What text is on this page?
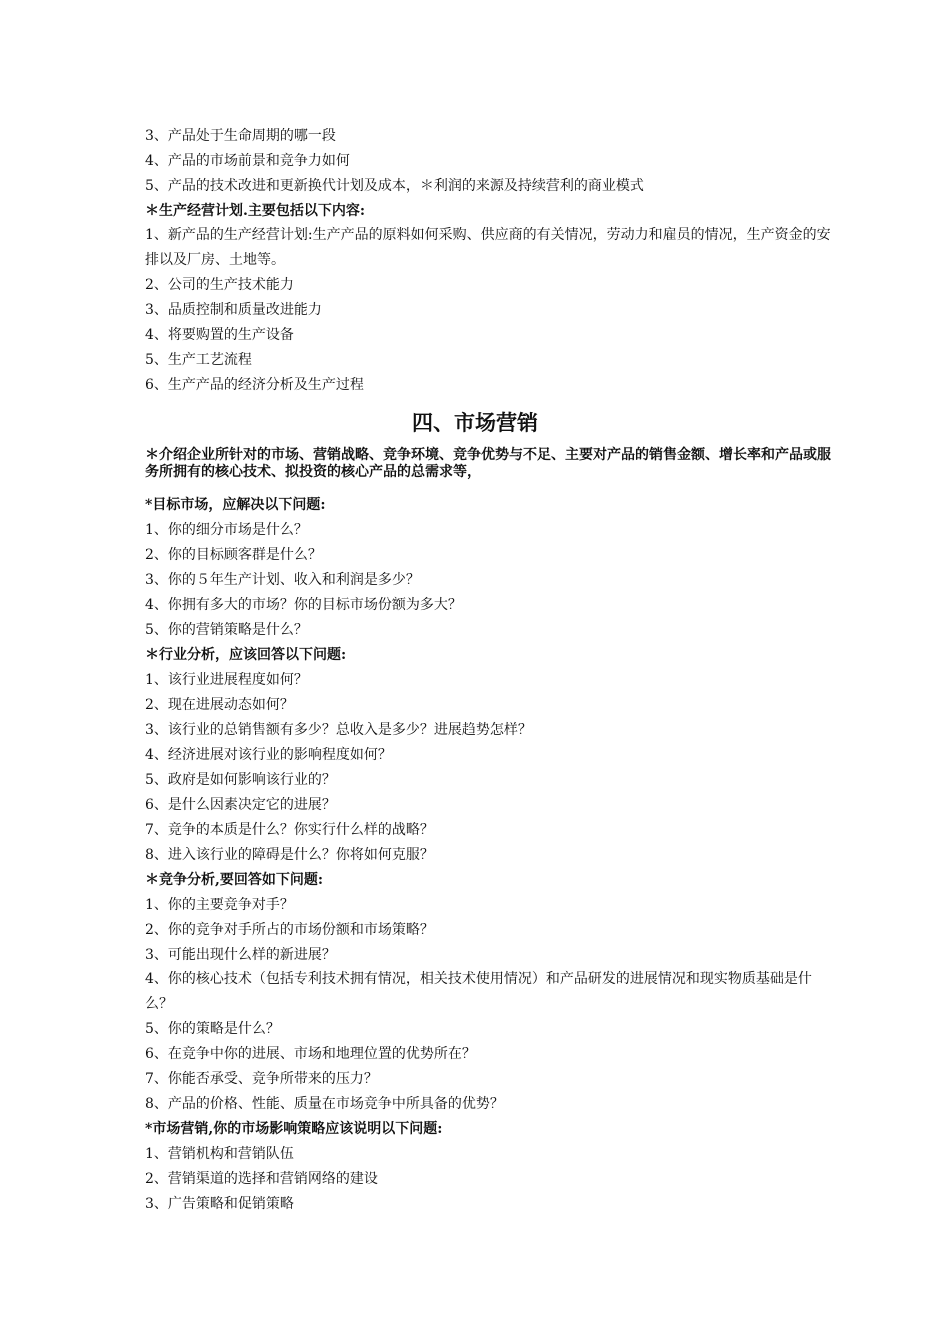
3、产品处于生命周期的哪一段
4、产品的市场前景和竞争力如何
5、产品的技术改进和更新换代计划及成本，＊利润的来源及持续营利的商业模式
＊生产经营计划.主要包括以下内容:
1、新产品的生产经营计划:生产产品的原料如何采购、供应商的有关情况，劳动力和雇员的情况，生产资金的安排以及厂房、土地等。
2、公司的生产技术能力
3、品质控制和质量改进能力
4、将要购置的生产设备
5、生产工艺流程
6、生产产品的经济分析及生产过程
四、市场营销
＊介绍企业所针对的市场、营销战略、竞争环境、竞争优势与不足、主要对产品的销售金额、增长率和产品或服务所拥有的核心技术、拟投资的核心产品的总需求等，
*目标市场，应解决以下问题:
1、你的细分市场是什么？
2、你的目标顾客群是什么？
3、你的５年生产计划、收入和利润是多少？
4、你拥有多大的市场？你的目标市场份额为多大？
5、你的营销策略是什么？
＊行业分析，应该回答以下问题:
1、该行业进展程度如何？
2、现在进展动态如何？
3、该行业的总销售额有多少？总收入是多少？进展趋势怎样？
4、经济进展对该行业的影响程度如何？
5、政府是如何影响该行业的？
6、是什么因素决定它的进展？
7、竞争的本质是什么？你实行什么样的战略？
8、进入该行业的障碍是什么？你将如何克服？
＊竞争分析,要回答如下问题:
1、你的主要竞争对手？
2、你的竞争对手所占的市场份额和市场策略？
3、可能出现什么样的新进展？
4、你的核心技术（包括专利技术拥有情况，相关技术使用情况）和产品研发的进展情况和现实物质基础是什么？
5、你的策略是什么？
6、在竞争中你的进展、市场和地理位置的优势所在？
7、你能否承受、竞争所带来的压力？
8、产品的价格、性能、质量在市场竞争中所具备的优势？
*市场营销,你的市场影响策略应该说明以下问题:
1、营销机构和营销队伍
2、营销渠道的选择和营销网络的建设
3、广告策略和促销策略
